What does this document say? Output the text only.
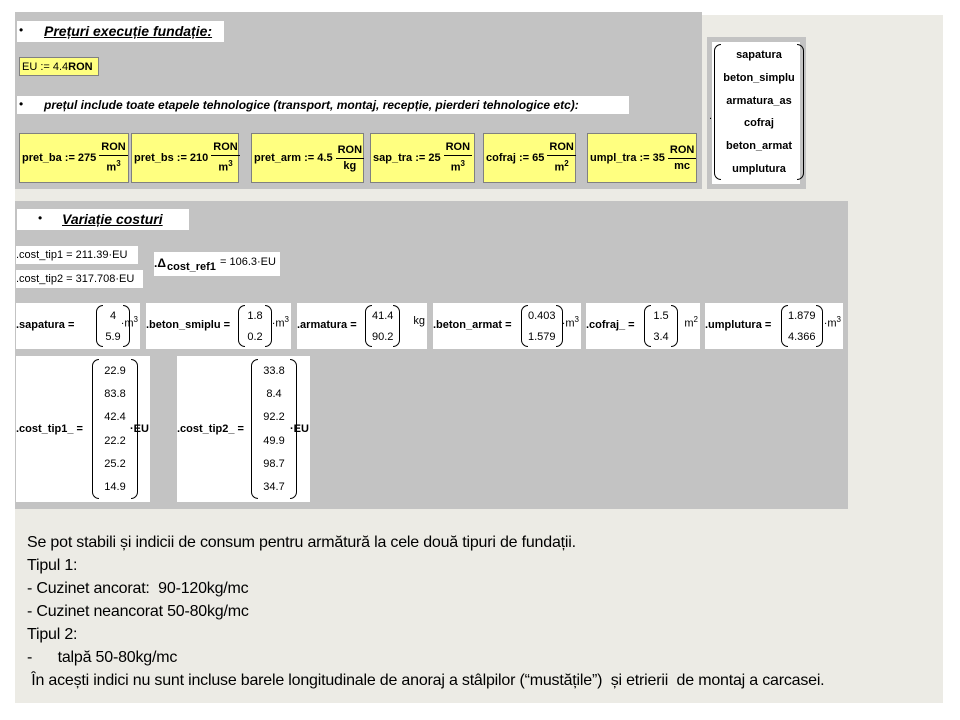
• Prețuri execuție fundație:
EU := 4.4 RON
• prețul include toate etapele tehnologice (transport, montaj, recepție, pierderi tehnologice etc):
pret_ba := $275 \frac{\text{RON}}{m^3}$ pret_bs := $210 \frac{\text{RON}}{m^3}$ pret_arm := $4.5 \frac{\text{RON}}{kg}$ sap_tra := $25 \frac{\text{RON}}{m^3}$ cofraj := $65 \frac{\text{RON}}{m^2}$ umpl_tra := $35 \frac{\text{RON}}{mc}$
sapatura
beton_simplu
armatura_as
cofraj
beton_armat
umplutura
.
• Variație costuri
.cost_tip1 = 211.39·EU
.cost_tip2 = 317.708·EU
.Δ cost_ref1 = 106.3·EU
.sapatura =
4
5.9
$\cdot m^3$ .beton_smiplu =
1.8
0.2
$\cdot m^3$ .armatura =
41.4
90.2
kg .beton_armat =
0.403
1.579
$\cdot m^3$ .cofraj_ =
1.5
3.4
$m^2$ .umplutura =
1.879
4.366
$\cdot m^3$
.cost_tip1_ =
22.9
83.8
42.4
22.2
25.2
14.9
·EU	.cost_tip2_ =
33.8
8.4
92.2
49.9
98.7
34.7
·EU
Se pot stabili și indicii de consum pentru armătură la cele două tipuri de fundații.
Tipul 1:
- Cuzinet ancorat:  90-120kg/mc
- Cuzinet neancorat 50-80kg/mc
Tipul 2:
-      talpă 50-80kg/mc
În acești indici nu sunt incluse barele longitudinale de anoraj a stâlpilor (“mustățile”)  și etrierii  de montaj a carcasei.
